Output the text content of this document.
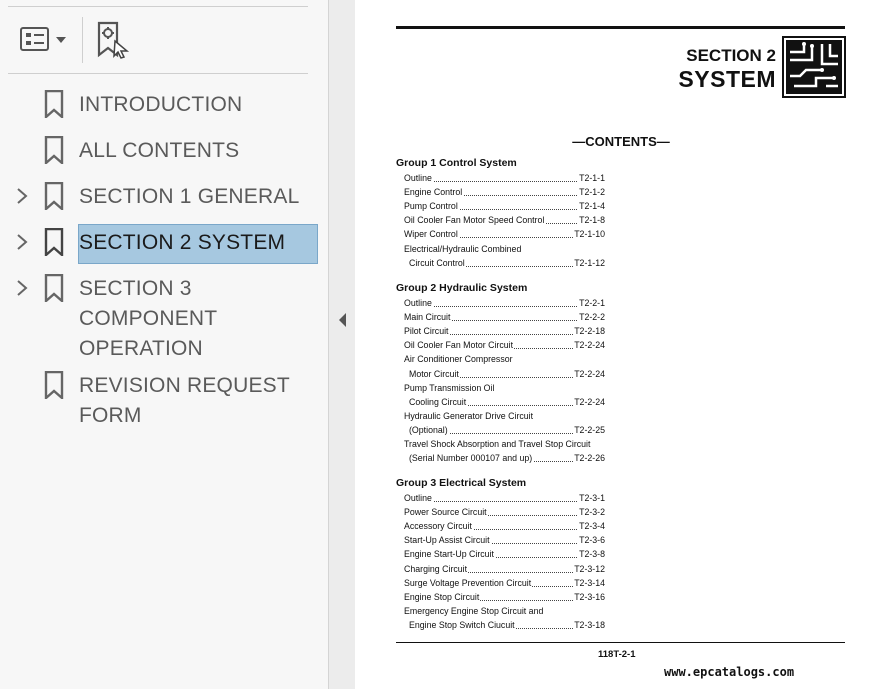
INTRODUCTION
ALL CONTENTS
SECTION 1 GENERAL
SECTION 2 SYSTEM
SECTION 3
COMPONENT
OPERATION
REVISION REQUEST
FORM
SECTION 2
SYSTEM
—CONTENTS—
Group 1 Control System
Outline	T2-1-1
Engine Control	T2-1-2
Pump Control	T2-1-4
Oil Cooler Fan Motor Speed Control	T2-1-8
Wiper Control	T2-1-10
Electrical/Hydraulic Combined
Circuit Control	T2-1-12
Group 2 Hydraulic System
Outline	T2-2-1
Main Circuit	T2-2-2
Pilot Circuit	T2-2-18
Oil Cooler Fan Motor Circuit	T2-2-24
Air Conditioner Compressor
Motor Circuit	T2-2-24
Pump Transmission Oil
Cooling Circuit	T2-2-24
Hydraulic Generator Drive Circuit
(Optional)	T2-2-25
Travel Shock Absorption and Travel Stop Circuit
(Serial Number 000107 and up)	T2-2-26
Group 3 Electrical System
Outline	T2-3-1
Power Source Circuit	T2-3-2
Accessory Circuit	T2-3-4
Start-Up Assist Circuit	T2-3-6
Engine Start-Up Circuit	T2-3-8
Charging Circuit	T2-3-12
Surge Voltage Prevention Circuit	T2-3-14
Engine Stop Circuit	T2-3-16
Emergency Engine Stop Circuit and
Engine Stop Switch Ciucuit	T2-3-18
118T-2-1
www.epcatalogs.com
